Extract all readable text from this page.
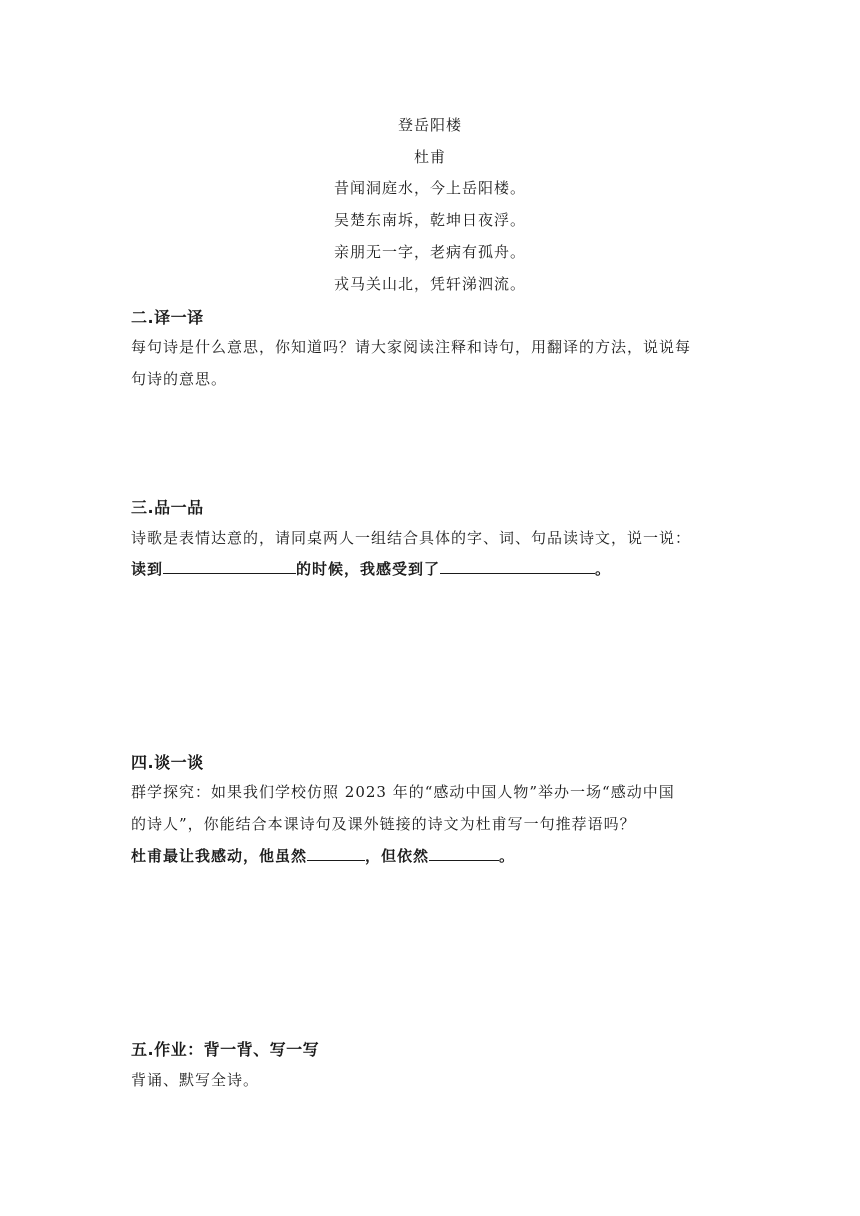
登岳阳楼
杜甫
昔闻洞庭水，今上岳阳楼。
吴楚东南坼，乾坤日夜浮。
亲朋无一字，老病有孤舟。
戎马关山北，凭轩涕泗流。
二.译一译
每句诗是什么意思，你知道吗？请大家阅读注释和诗句，用翻译的方法，说说每
句诗的意思。
三.品一品
诗歌是表情达意的，请同桌两人一组结合具体的字、词、句品读诗文，说一说：
读到	的时候，我感受到了	。
四.谈一谈
群学探究：如果我们学校仿照 2023 年的“感动中国人物”举办一场“感动中国
的诗人”，你能结合本课诗句及课外链接的诗文为杜甫写一句推荐语吗？
杜甫最让我感动，他虽然	，但依然	。
五.作业：背一背、写一写
背诵、默写全诗。
